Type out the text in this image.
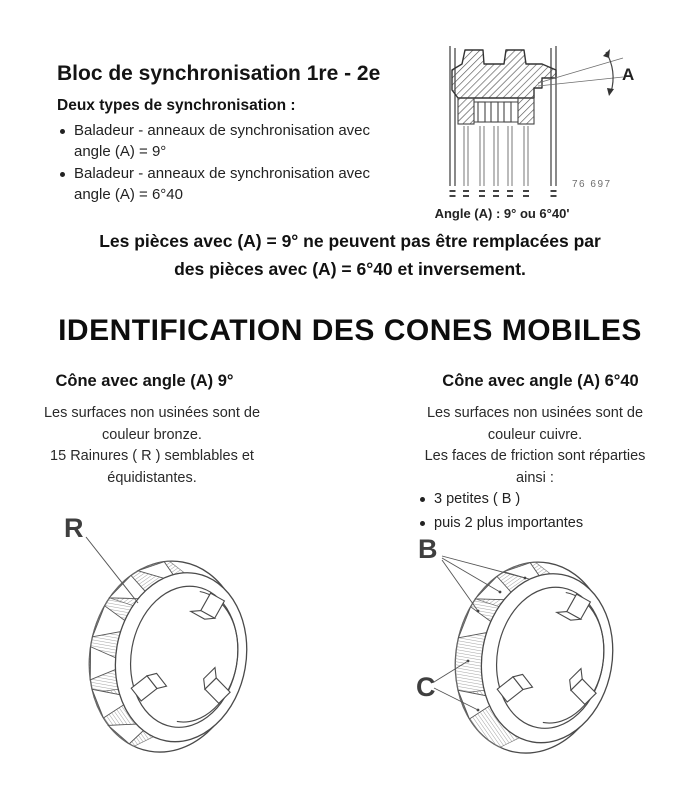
Bloc de synchronisation 1re - 2e
Deux types de synchronisation :
Baladeur - anneaux de synchronisation avec
angle (A) = 9°
Baladeur - anneaux de synchronisation avec
angle (A) = 6°40
A
76 697
Angle (A) : 9° ou 6°40'
Les pièces avec (A) = 9° ne peuvent pas être remplacées par
des pièces avec (A) = 6°40 et inversement.
IDENTIFICATION DES CONES MOBILES
Cône avec angle (A) 9°
Les surfaces non usinées sont de
couleur bronze.
15 Rainures ( R ) semblables et
équidistantes.
Cône avec angle (A) 6°40
Les surfaces non usinées sont de
couleur cuivre.
Les faces de friction sont réparties
ainsi :
3 petites ( B )
puis 2 plus importantes
R
B
C
